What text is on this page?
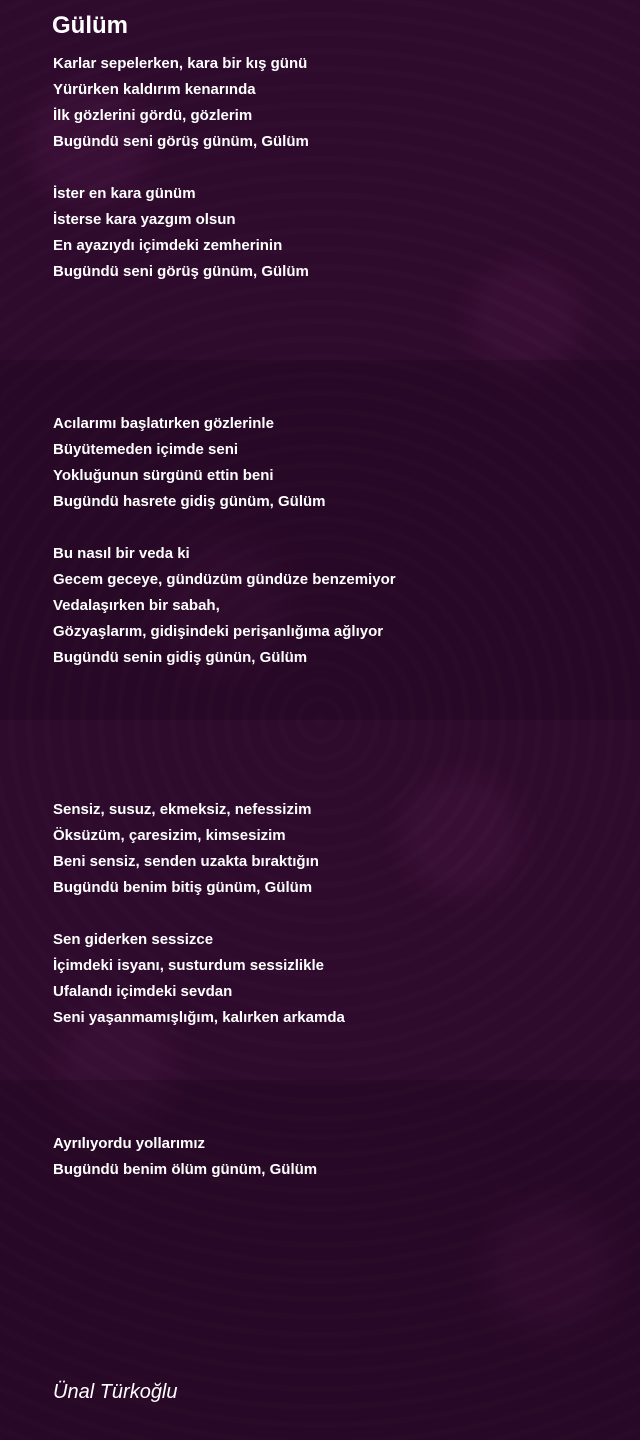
Gülüm
Karlar sepelerken, kara bir kış günü
Yürürken kaldırım kenarında
İlk gözlerini gördü, gözlerim
Bugündü seni görüş günüm, Gülüm
İster en kara günüm
İsterse kara yazgım olsun
En ayazıydı içimdeki zemherinin
Bugündü seni görüş günüm, Gülüm
Acılarımı başlatırken gözlerinle
Büyütemeden içimde seni
Yokluğunun sürgünü ettin beni
Bugündü hasrete gidiş günüm, Gülüm
Bu nasıl bir veda ki
Gecem geceye, gündüzüm gündüze benzemiyor
Vedalaşırken bir sabah,
Gözyaşlarım, gidişindeki perişanlığıma ağlıyor
Bugündü senin gidiş günün, Gülüm
Sensiz, susuz, ekmeksiz, nefessizim
Öksüzüm, çaresizim, kimsesizim
Beni sensiz, senden uzakta bıraktığın
Bugündü benim bitiş günüm, Gülüm
Sen giderken sessizce
İçimdeki isyanı, susturdum sessizlikle
Ufalandı içimdeki sevdan
Seni yaşanmamışlığım, kalırken arkamda
Ayrılıyordu yollarımız
Bugündü benim ölüm günüm, Gülüm
Ünal Türkoğlu
